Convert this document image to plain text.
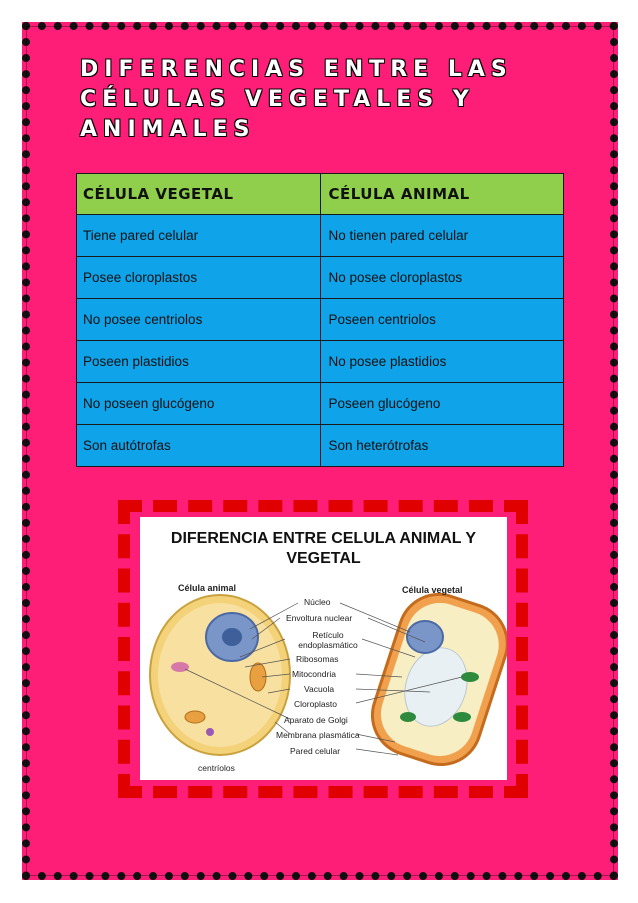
DIFERENCIAS ENTRE LAS CÉLULAS VEGETALES Y ANIMALES
CÉLULA VEGETAL	CÉLULA ANIMAL
Tiene pared celular	No tienen pared celular
Posee cloroplastos	No posee cloroplastos
No posee centriolos	Poseen centriolos
Poseen plastidios	No posee plastidios
No poseen glucógeno	Poseen glucógeno
Son autótrofas	Son heterótrofas
DIFERENCIA ENTRE CELULA ANIMAL Y VEGETAL
Célula animal	Célula vegetal
Núcleo
Envoltura nuclear
Retículo endoplasmático
Ribosomas
Mitocondria
Vacuola
Cloroplasto
Aparato de Golgi
Membrana plasmática
Pared celular
centríolos
